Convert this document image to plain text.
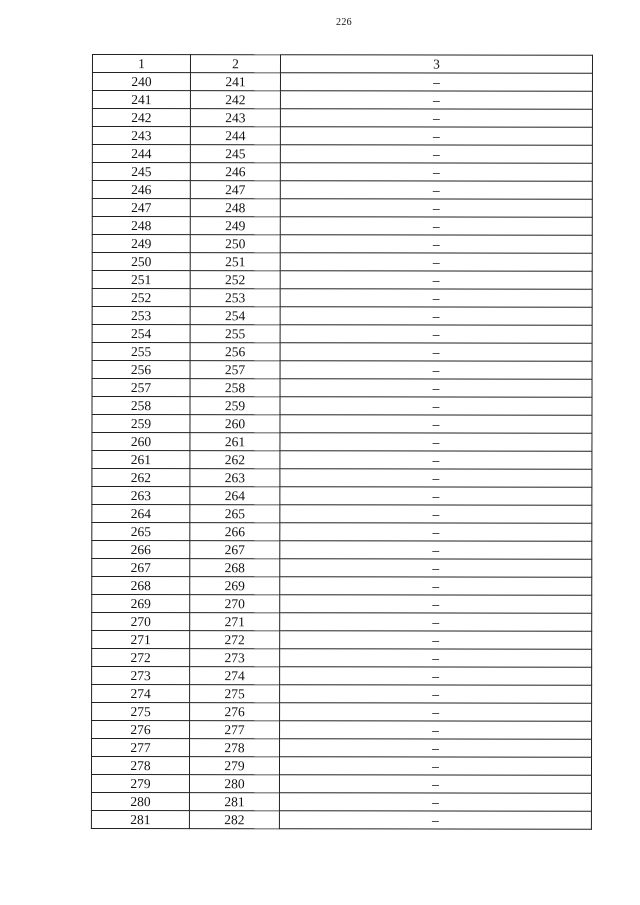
226
1	2	3
240	241	–
241	242	–
242	243	–
243	244	–
244	245	–
245	246	–
246	247	–
247	248	–
248	249	–
249	250	–
250	251	–
251	252	–
252	253	–
253	254	–
254	255	–
255	256	–
256	257	–
257	258	–
258	259	–
259	260	–
260	261	–
261	262	–
262	263	–
263	264	–
264	265	–
265	266	–
266	267	–
267	268	–
268	269	–
269	270	–
270	271	–
271	272	–
272	273	–
273	274	–
274	275	–
275	276	–
276	277	–
277	278	–
278	279	–
279	280	–
280	281	–
281	282	–
